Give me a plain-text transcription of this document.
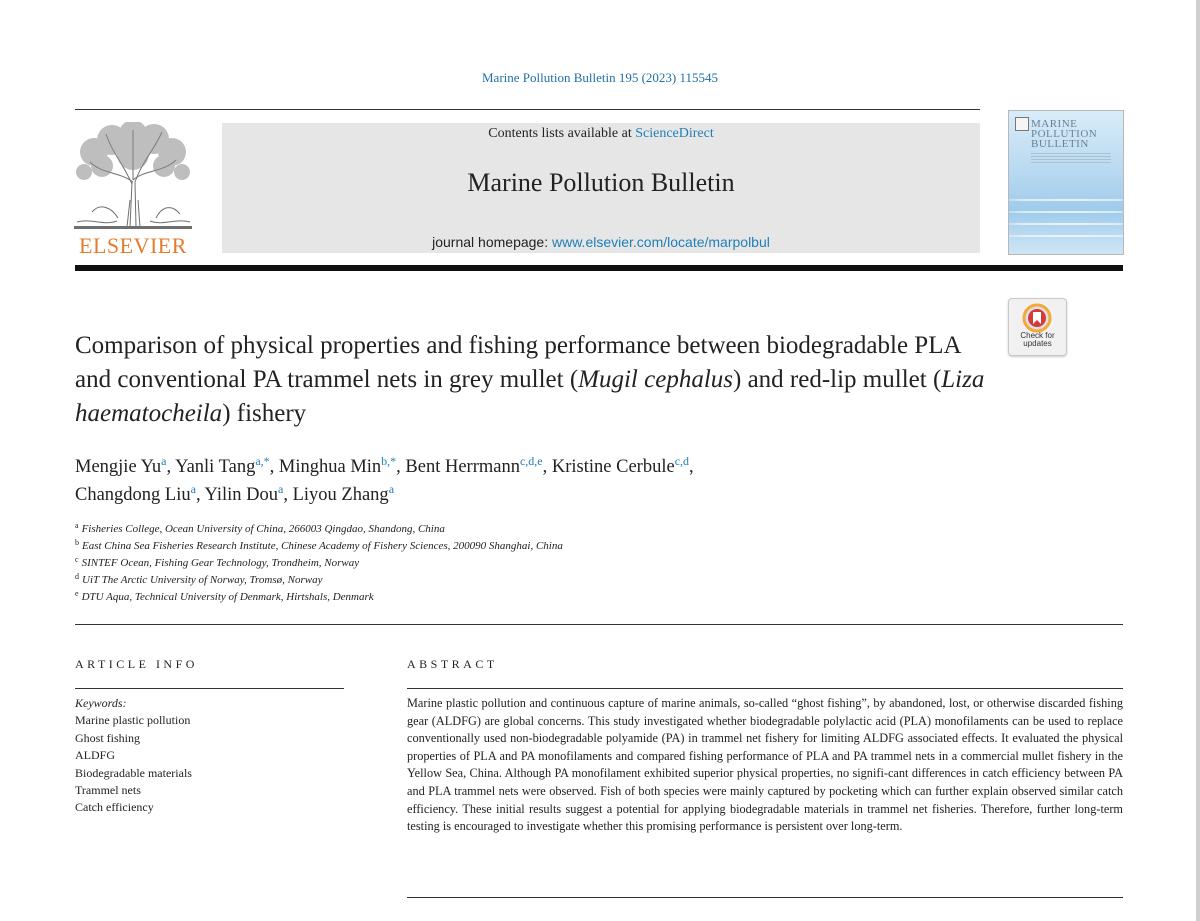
Marine Pollution Bulletin 195 (2023) 115545
ELSEVIER
Contents lists available at ScienceDirect
Marine Pollution Bulletin
journal homepage: www.elsevier.com/locate/marpolbul
MARINE POLLUTION BULLETIN
Check for
updates
Comparison of physical properties and fishing performance between biodegradable PLA and conventional PA trammel nets in grey mullet (Mugil cephalus) and red-lip mullet (Liza haematocheila) fishery
Mengjie Yu$^a$, Yanli Tang$^{a,*}$, Minghua Min$^{b,*}$, Bent Herrmann$^{c,d,e}$, Kristine Cerbule$^{c,d}$,
Changdong Liu$^a$, Yilin Dou$^a$, Liyou Zhang$^a$
$^a$ Fisheries College, Ocean University of China, 266003 Qingdao, Shandong, China
$^b$ East China Sea Fisheries Research Institute, Chinese Academy of Fishery Sciences, 200090 Shanghai, China
$^c$ SINTEF Ocean, Fishing Gear Technology, Trondheim, Norway
$^d$ UiT The Arctic University of Norway, Tromsø, Norway
$^e$ DTU Aqua, Technical University of Denmark, Hirtshals, Denmark
ARTICLE INFO	ABSTRACT
Keywords:
Marine plastic pollution
Ghost fishing
ALDFG
Biodegradable materials
Trammel nets
Catch efficiency

Marine plastic pollution and continuous capture of marine animals, so-called “ghost fishing”, by abandoned, lost, or otherwise discarded fishing gear (ALDFG) are global concerns. This study investigated whether biodegradable polylactic acid (PLA) monofilaments can be used to replace conventionally used non-biodegradable polyamide (PA) in trammel net fishery for limiting ALDFG associated effects. It evaluated the physical properties of PLA and PA monofilaments and compared fishing performance of PLA and PA trammel nets in a commercial mullet fishery in the Yellow Sea, China. Although PA monofilament exhibited superior physical properties, no signifi-cant differences in catch efficiency between PA and PLA trammel nets were observed. Fish of both species were mainly captured by pocketing which can further explain observed similar catch efficiency. These initial results suggest a potential for applying biodegradable materials in trammel net fisheries. Therefore, further long-term testing is encouraged to investigate whether this promising performance is persistent over long-term.
